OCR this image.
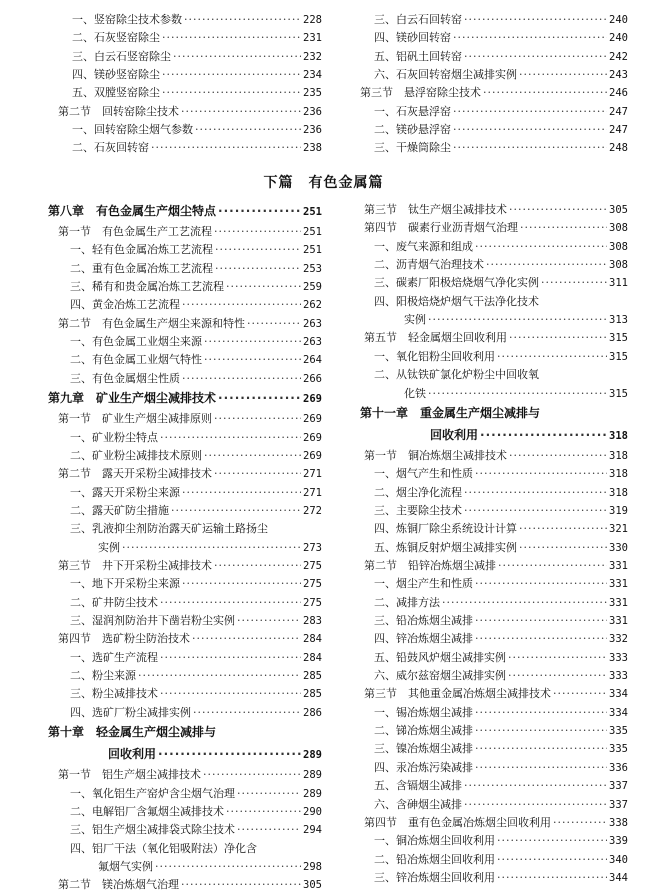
下篇　有色金属篇
一、竖窑除尘技术参数 ·····	228
二、石灰竖窑除尘 ·····	231
三、白云石竖窑除尘 ·····	232
四、镁砂竖窑除尘 ·····	234
五、双膛竖窑除尘 ·····	235
第二节　回转窑除尘技术 ·····	236
一、回转窑除尘烟气参数 ·····	236
二、石灰回转窑 ·····	238
三、白云石回转窑 ·····	240
四、镁砂回转窑 ·····	240
五、铝矾土回转窑 ·····	242
六、石灰回转窑烟尘减排实例 ·····	243
第三节　悬浮窑除尘技术 ·····	246
一、石灰悬浮窑 ·····	247
二、镁砂悬浮窑 ·····	247
三、干燥筒除尘 ·····	248
第八章　有色金属生产烟尘特点 ·····	251
第一节　有色金属生产工艺流程 ·····	251
一、轻有色金属冶炼工艺流程 ·····	251
二、重有色金属冶炼工艺流程 ·····	253
三、稀有和贵金属冶炼工艺流程 ·····	259
四、黄金冶炼工艺流程 ·····	262
第二节　有色金属生产烟尘来源和特性 ·····	263
一、有色金属工业烟尘来源 ·····	263
二、有色金属工业烟气特性 ·····	264
三、有色金属烟尘性质 ·····	266
第九章　矿业生产烟尘减排技术 ·····	269
第一节　矿业生产烟尘减排原则 ·····	269
一、矿业粉尘特点 ·····	269
二、矿业粉尘减排技术原则 ·····	269
第二节　露天开采粉尘减排技术 ·····	271
一、露天开采粉尘来源 ·····	271
二、露天矿防尘措施 ·····	272
三、乳液抑尘剂防治露天矿运输土路扬尘
实例 ·····	273
第三节　井下开采粉尘减排技术 ·····	275
一、地下开采粉尘来源 ·····	275
二、矿井防尘技术 ·····	275
三、湿润剂防治井下凿岩粉尘实例 ·····	283
第四节　选矿粉尘防治技术 ·····	284
一、选矿生产流程 ·····	284
二、粉尘来源 ·····	285
三、粉尘减排技术 ·····	285
四、选矿厂粉尘减排实例 ·····	286
第十章　轻金属生产烟尘减排与
回收利用 ·····	289
第一节　铝生产烟尘减排技术 ·····	289
一、氧化铝生产窑炉含尘烟气治理 ·····	289
二、电解铝厂含氟烟尘减排技术 ·····	290
三、铝生产烟尘减排袋式除尘技术 ·····	294
四、铝厂干法（氧化铝吸附法）净化含
氟烟气实例 ·····	298
第二节　镁冶炼烟气治理 ·····	305
第三节　钛生产烟尘减排技术 ·····	305
第四节　碳素行业沥青烟气治理 ·····	308
一、废气来源和组成 ·····	308
二、沥青烟气治理技术 ·····	308
三、碳素厂阳极焙烧烟气净化实例 ·····	311
四、阳极焙烧炉烟气干法净化技术
实例 ·····	313
第五节　轻金属烟尘回收利用 ·····	315
一、氧化铝粉尘回收利用 ·····	315
二、从钛铁矿氯化炉粉尘中回收氧
化铁 ·····	315
第十一章　重金属生产烟尘减排与
回收利用 ·····	318
第一节　铜冶炼烟尘减排技术 ·····	318
一、烟气产生和性质 ·····	318
二、烟尘净化流程 ·····	318
三、主要除尘技术 ·····	319
四、炼铜厂除尘系统设计计算 ·····	321
五、炼铜反射炉烟尘减排实例 ·····	330
第二节　铅锌冶炼烟尘减排 ·····	331
一、烟尘产生和性质 ·····	331
二、减排方法 ·····	331
三、铅冶炼烟尘减排 ·····	331
四、锌冶炼烟尘减排 ·····	332
五、铅鼓风炉烟尘减排实例 ·····	333
六、威尔兹窑烟尘减排实例 ·····	333
第三节　其他重金属冶炼烟尘减排技术 ·····	334
一、锡冶炼烟尘减排 ·····	334
二、锑冶炼烟尘减排 ·····	335
三、镍冶炼烟尘减排 ·····	335
四、汞冶炼污染减排 ·····	336
五、含镉烟尘减排 ·····	337
六、含砷烟尘减排 ·····	337
第四节　重有色金属冶炼烟尘回收利用 ·····	338
一、铜冶炼烟尘回收利用 ·····	339
二、铅冶炼烟尘回收利用 ·····	340
三、锌冶炼烟尘回收利用 ·····	344
